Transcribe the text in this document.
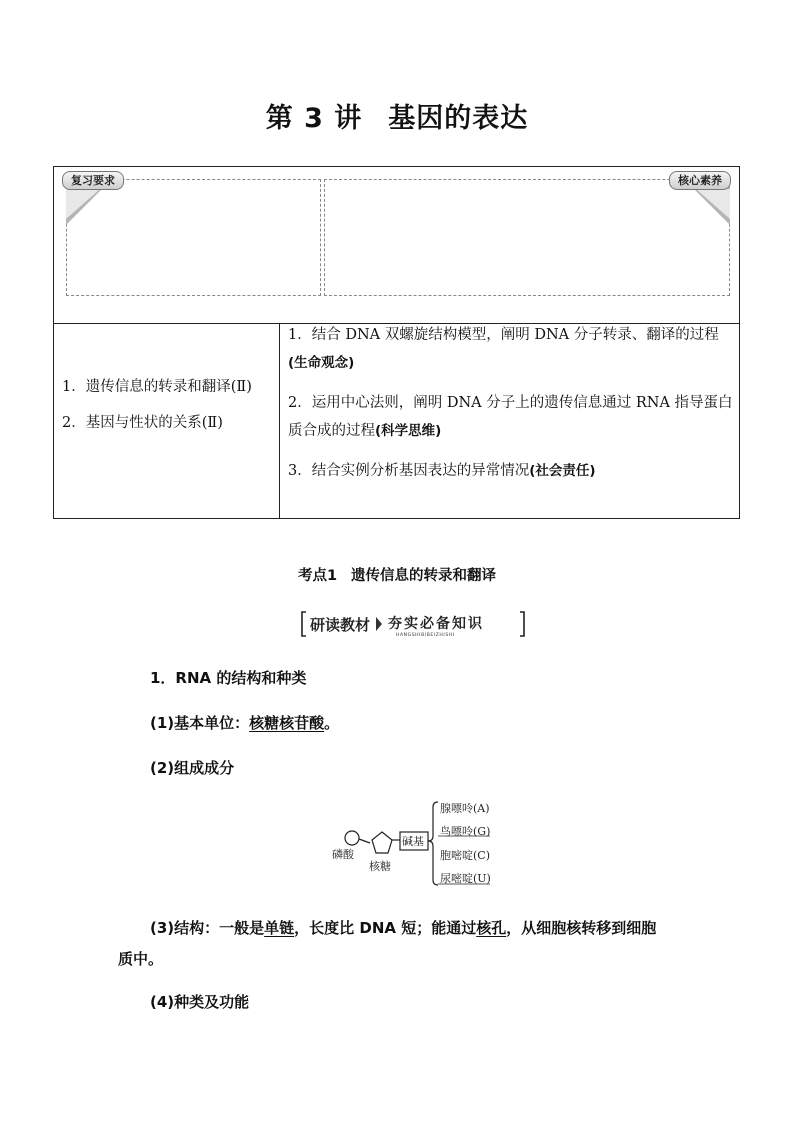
第 3 讲 基因的表达
复习要求	核心素养

1．遗传信息的转录和翻译(Ⅱ)

2．基因与性状的关系(Ⅱ)

1．结合 DNA 双螺旋结构模型，阐明 DNA 分子转录、翻译的过程(生命观念)

2．运用中心法则，阐明 DNA 分子上的遗传信息通过 RNA 指导蛋白质合成的过程(科学思维)

3．结合实例分析基因表达的异常情况(社会责任)

考点1 遗传信息的转录和翻译
研读教材 夯实必备知识
HANGSHIBIBEIZHISHI
1．RNA 的结构和种类
(1)基本单位：核糖核苷酸。
(2)组成成分
磷酸
核糖
碱基
腺嘌呤(A)
鸟嘌呤(G)
胞嘧啶(C)
尿嘧啶(U)
(3)结构：一般是单链，长度比 DNA 短；能通过核孔，从细胞核转移到细胞
质中。
(4)种类及功能
